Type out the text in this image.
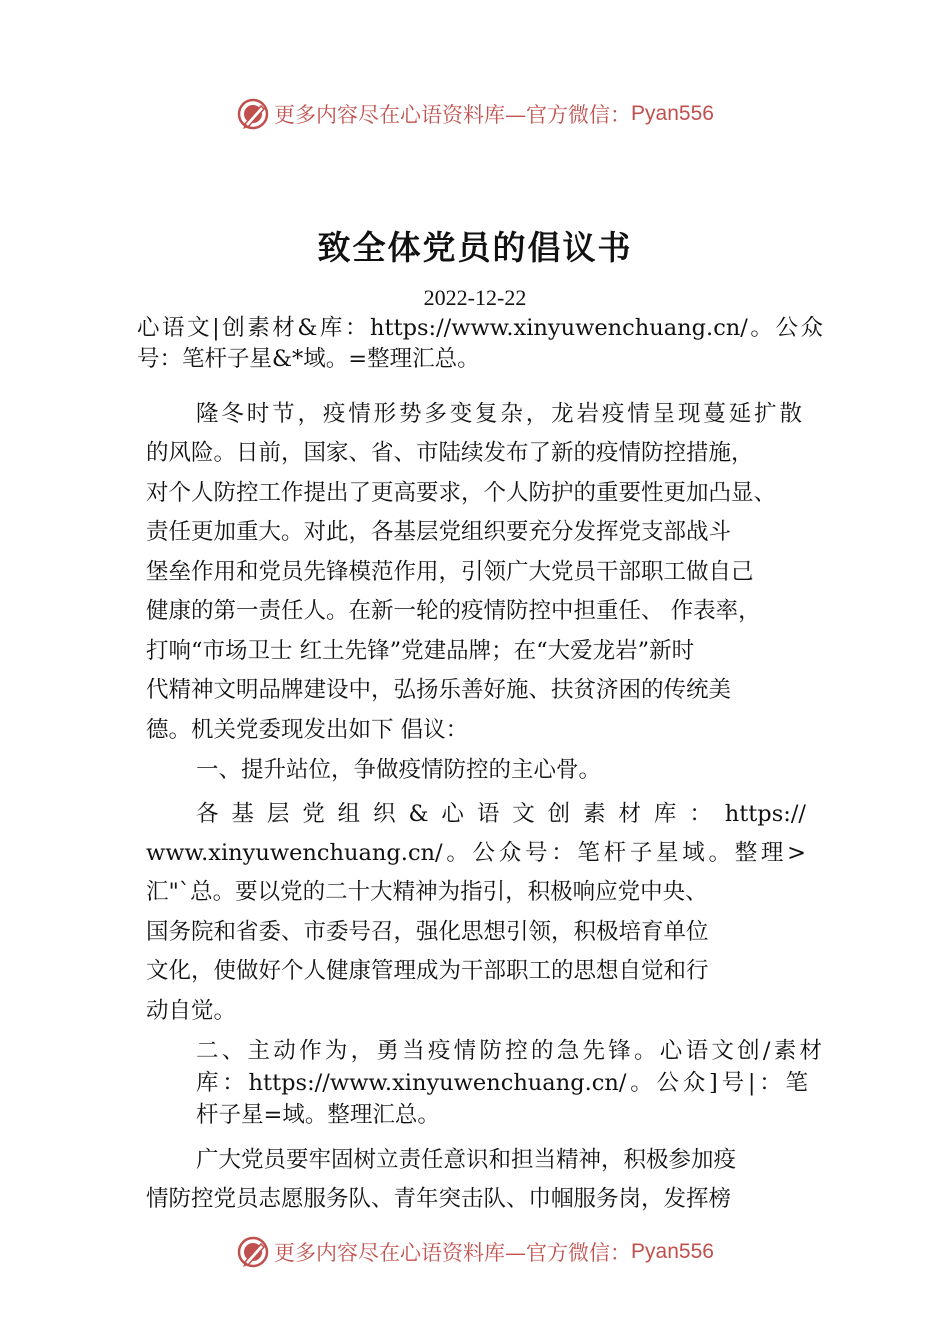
更多内容尽在心语资料库—官方微信： Pyan556
致全体党员的倡议书
2022-12-22
心语文|创素材&库：https://www.xinyuwenchuang.cn/。公众
号：笔杆子星&*域。=整理汇总。
隆冬时节，疫情形势多变复杂，龙岩疫情呈现蔓延扩散
的风险。日前，国家、省、市陆续发布了新的疫情防控措施，
对个人防控工作提出了更高要求，个人防护的重要性更加凸显、
责任更加重大。对此，各基层党组织要充分发挥党支部战斗
堡垒作用和党员先锋模范作用，引领广大党员干部职工做自己
健康的第一责任人。在新一轮的疫情防控中担重任、 作表率，
打响“市场卫士 红土先锋”党建品牌；在“大爱龙岩”新时
代精神文明品牌建设中，弘扬乐善好施、扶贫济困的传统美
德。机关党委现发出如下 倡议：
一、提升站位，争做疫情防控的主心骨。
各基层党组织&心语文创素材库：https://
www.xinyuwenchuang.cn/。公众号：笔杆子星域。整理>
汇"`总。要以党的二十大精神为指引，积极响应党中央、
国务院和省委、市委号召，强化思想引领，积极培育单位
文化，使做好个人健康管理成为干部职工的思想自觉和行
动自觉。
二、主动作为，勇当疫情防控的急先锋。心语文创/素材
库：https://www.xinyuwenchuang.cn/。公众]号|：笔
杆子星=域。整理汇总。
广大党员要牢固树立责任意识和担当精神，积极参加疫
情防控党员志愿服务队、青年突击队、巾帼服务岗，发挥榜
更多内容尽在心语资料库—官方微信： Pyan556
